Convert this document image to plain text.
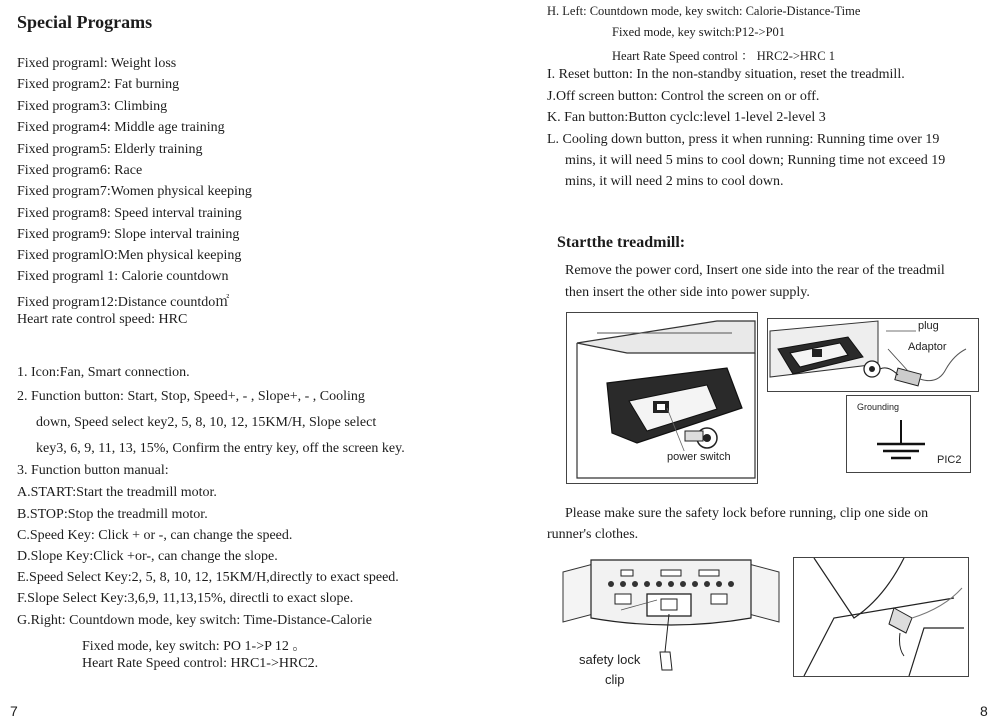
Special Programs
Fixed programl: Weight loss
Fixed program2: Fat burning
Fixed program3: Climbing
Fixed program4: Middle age training
Fixed program5: Elderly training
Fixed program6: Race
Fixed program7:Women physical keeping
Fixed program8: Speed interval training
Fixed program9: Slope interval training
Fixed programlO:Men physical keeping
Fixed programl 1: Calorie countdown
Fixed program12:Distance countdo㎡
Heart rate control speed: HRC
1. Icon:Fan, Smart connection.
2. Function button: Start, Stop, Speed+, - , Slope+, - , Cooling
down, Speed select key2, 5, 8, 10, 12, 15KM/H, Slope select
key3, 6, 9, 11, 13, 15%, Confirm the entry key, off the screen key.
3. Function button manual:
A.START:Start the treadmill motor.
B.STOP:Stop the treadmill motor.
C.Speed Key: Click + or -, can change the speed.
D.Slope Key:Click +or-, can change the slope.
E.Speed Select Key:2, 5, 8, 10, 12, 15KM/H,directly to exact speed.
F.Slope Select Key:3,6,9, 11,13,15%, directli to exact slope.
G.Right: Countdown mode, key switch: Time-Distance-Calorie
Fixed mode, key switch: PO 1->P 12 。
Heart Rate Speed control: HRC1->HRC2.
7
H. Left: Countdown mode, key switch: Calorie-Distance-Time
Fixed mode, key switch:P12->P01
Heart Rate Speed control ： HRC2->HRC 1
I. Reset button: In the non-standby situation, reset the treadmill.
J.Off screen button: Control the screen on or off.
K. Fan button:Button cyclc:level 1-level 2-level 3
L. Cooling down button, press it when running: Running time over 19
mins, it will need 5 mins to cool down; Running time not exceed 19
mins, it will need 2 mins to cool down.
Startthe treadmill:
Remove the power cord, Insert one side into the rear of the treadmil
then insert the other side into power supply.
power switch
plug
Adaptor
Grounding
PIC2
Please make sure the safety lock before running, clip one side on
runner's clothes.
safety lock
clip
8
